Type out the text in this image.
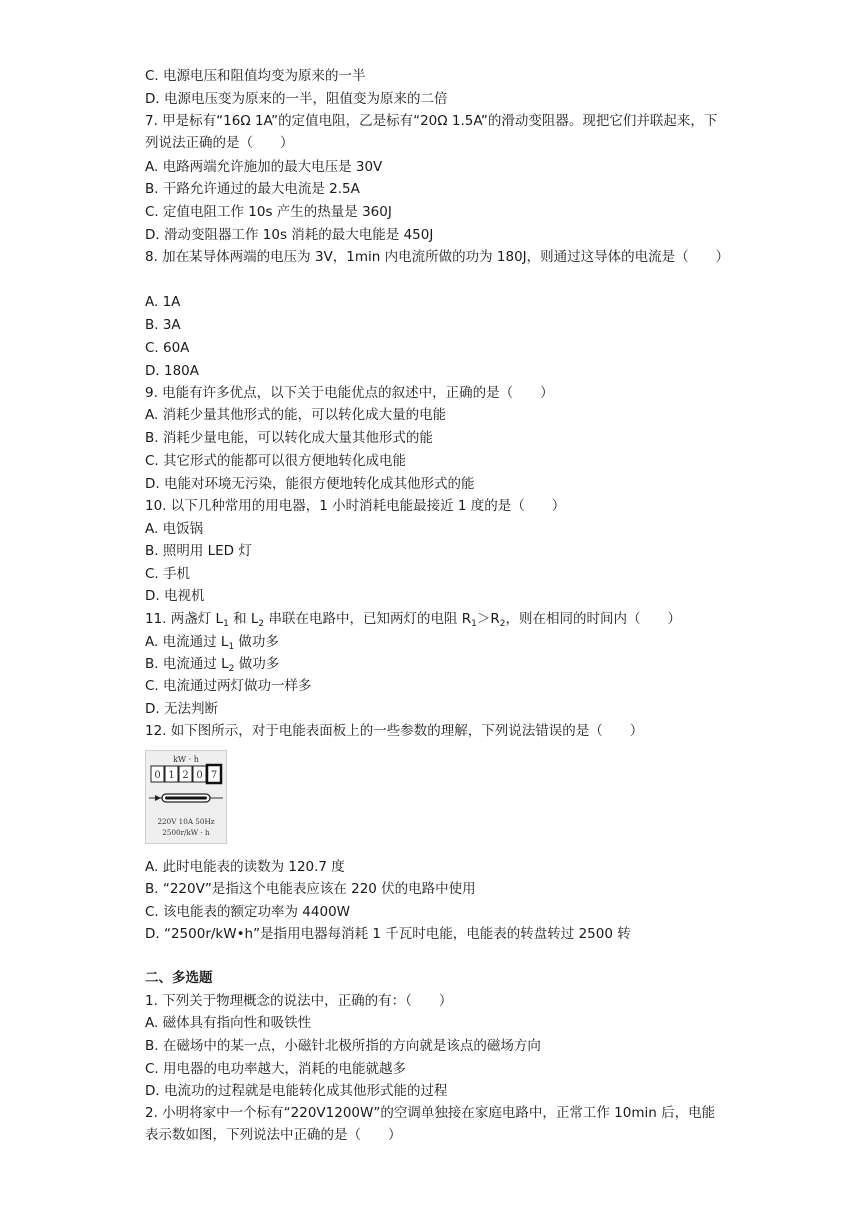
C. 电源电压和阻值均变为原来的一半
D. 电源电压变为原来的一半，阻值变为原来的二倍
7. 甲是标有“16Ω 1A”的定值电阻，乙是标有“20Ω 1.5A”的滑动变阻器。现把它们并联起来，下列说法正确的是（　　）
A. 电路两端允许施加的最大电压是 30V
B. 干路允许通过的最大电流是 2.5A
C. 定值电阻工作 10s 产生的热量是 360J
D. 滑动变阻器工作 10s 消耗的最大电能是 450J
8. 加在某导体两端的电压为 3V，1min 内电流所做的功为 180J，则通过这导体的电流是（　　）
A. 1A
B. 3A
C. 60A
D. 180A
9. 电能有许多优点，以下关于电能优点的叙述中，正确的是（　　）
A. 消耗少量其他形式的能，可以转化成大量的电能
B. 消耗少量电能，可以转化成大量其他形式的能
C. 其它形式的能都可以很方便地转化成电能
D. 电能对环境无污染，能很方便地转化成其他形式的能
10. 以下几种常用的用电器，1 小时消耗电能最接近 1 度的是（　　）
A. 电饭锅
B. 照明用 LED 灯
C. 手机
D. 电视机
11. 两盏灯 $L_1$ 和 $L_2$ 串联在电路中，已知两灯的电阻 $R_1>R_2$，则在相同的时间内（　　）
A. 电流通过 $L_1$ 做功多
B. 电流通过 $L_2$ 做功多
C. 电流通过两灯做功一样多
D. 无法判断
12. 如下图所示，对于电能表面板上的一些参数的理解，下列说法错误的是（　　）
kW · h
0 1 2 0 7
220V 10A 50Hz
2500r/kW · h
A. 此时电能表的读数为 120.7 度
B. “220V”是指这个电能表应该在 220 伏的电路中使用
C. 该电能表的额定功率为 4400W
D. “2500r/kW•h”是指用电器每消耗 1 千瓦时电能，电能表的转盘转过 2500 转
二、多选题
1. 下列关于物理概念的说法中，正确的有：（　　）
A. 磁体具有指向性和吸铁性
B. 在磁场中的某一点，小磁针北极所指的方向就是该点的磁场方向
C. 用电器的电功率越大，消耗的电能就越多
D. 电流功的过程就是电能转化成其他形式能的过程
2. 小明将家中一个标有“220V1200W”的空调单独接在家庭电路中，正常工作 10min 后，电能表示数如图，下列说法中正确的是（　　）
